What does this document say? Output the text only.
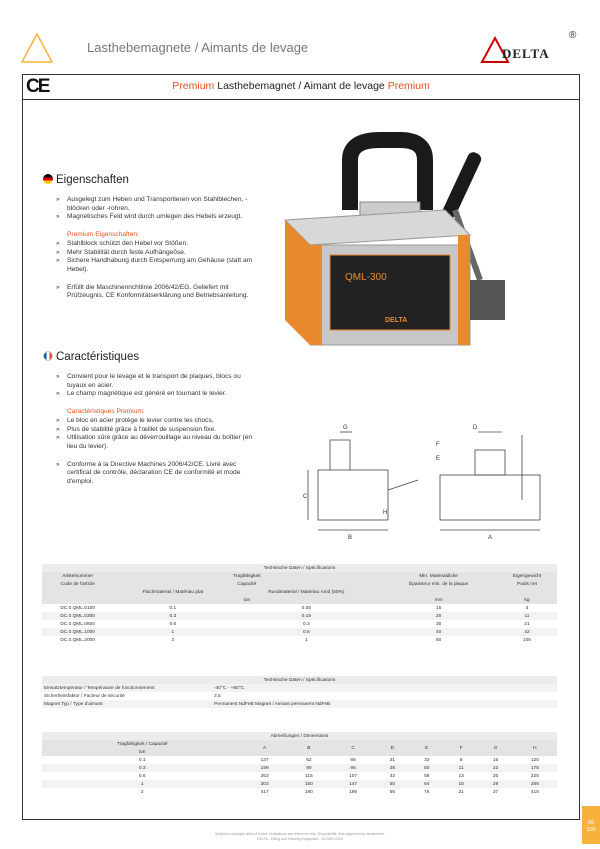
Lasthebemagnete / Aimants de levage	DELTA
®
CE	Premium Lasthebemagnet / Aimant de levage Premium
Eigenschaften
» Ausgelegt zum Heben und Transportieren von Stahlblechen, -blöcken oder -rohren.
» Magnetisches Feld wird durch umlegen des Hebels erzeugt.
Premium Eigenschaften:
» Stahlblock schützt den Hebel vor Stößen.
» Mehr Stabilität durch feste Aufhängeöse.
» Sichere Handhabung durch Entsperrung am Gehäuse (statt am Hebel).
» Erfüllt die Maschinenrichtlinie 2006/42/EG. Geliefert mit Prüfzeugnis, CE Konformitätserklärung und Betriebsanleitung.
Caractéristiques
» Convient pour le levage et le transport de plaques, blocs ou tuyaux en acier.
» Le champ magnétique est généré en tournant le levier.
Caractéristiques Premium:
» Le bloc en acier protège le levier contre les chocs.
» Plus de stabilité grâce à l'œillet de suspension fixe.
» Utilisation sûre grâce au déverrouillage au niveau du boîtier (en lieu du levier).
» Conforme à la Directive Machines 2006/42/CE. Livré avec certificat de contrôle, déclaration CE de conformité et mode d'emploi.
QML-300
DELTA
G	D
F
E
C
H
B	A
Technische Daten / Spécifications				
Artikelnummer	Tragfähigkeit		Min. Materialdicke	Eigengewicht
Code de l'article	Capacité		Épaisseur min. de la plaque	Poids net
	Flachmaterial / Matériau plat	Rundmaterial / Matériau rond (50%)		
	ton		mm	kg
DC.0.QML.0100	0.1	0.05	15	4
DC.0.QML.0300	0.3	0.15	20	11
DC.0.QML.0600	0.6	0.3	30	21
DC.0.QML.1000	1	0.5	40	42
DC.0.QML.2000	2	1	60	105
Technische Daten / Spécifications	
Einsatztemperatur / Température de fonctionnement	-40°C - +80°C
Sicherheitsfaktor / Facteur de sécurité	3.5
Magnet Typ / Type d'aimant	Permanent NdFeB Magnet / Aimant permanent NdFeB
Abmeßungen / Dimensions								
Tragfähigkeit / Capacité	A	B	C	D	E	F	G	H
ton								
0.1	137	62	66	21	32	8	15	120
0.3	199	90	95	38	50	11	22	175
0.6	263	115	107	42	58	13	25	225
1	303	150	147	50	64	18	29	266
2	417	190	195	56	76	21	37	415
06
100
Subject to changes without notice. Illustrations are reference only. Disponibilité: fest-registrierung mentionnée.
DELTA - Lifting and Hoisting Equipment - 06 0602 2019
